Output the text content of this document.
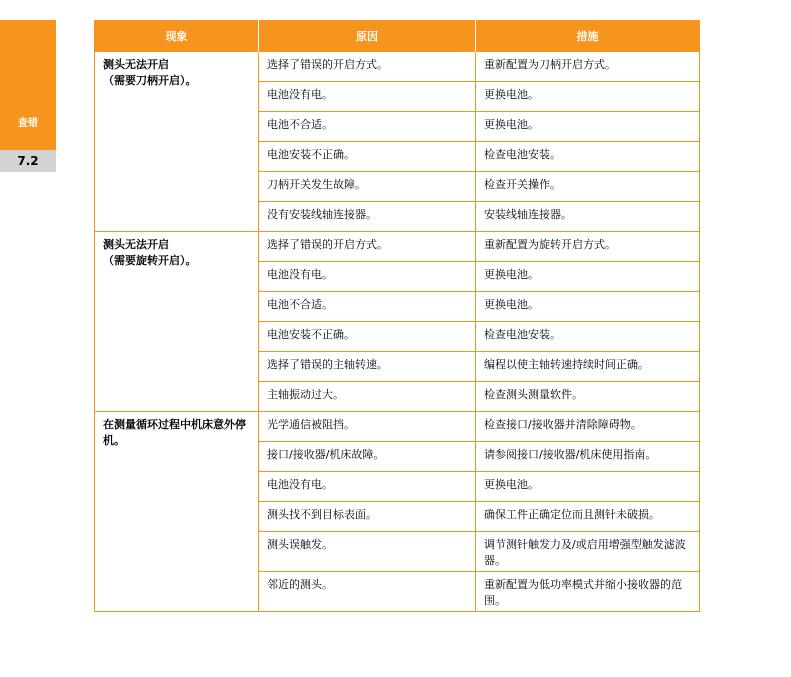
查错
7.2
现象	原因	措施
测头无法开启
（需要刀柄开启）。	选择了错误的开启方式。	重新配置为刀柄开启方式。
	电池没有电。	更换电池。
	电池不合适。	更换电池。
	电池安装不正确。	检查电池安装。
	刀柄开关发生故障。	检查开关操作。
	没有安装线轴连接器。	安装线轴连接器。
测头无法开启
（需要旋转开启）。	选择了错误的开启方式。	重新配置为旋转开启方式。
	电池没有电。	更换电池。
	电池不合适。	更换电池。
	电池安装不正确。	检查电池安装。
	选择了错误的主轴转速。	编程以使主轴转速持续时间正确。
	主轴振动过大。	检查测头测量软件。
在测量循环过程中机床意外停机。	光学通信被阻挡。	检查接口/接收器并清除障碍物。
	接口/接收器/机床故障。	请参阅接口/接收器/机床使用指南。
	电池没有电。	更换电池。
	测头找不到目标表面。	确保工件正确定位而且测针未破损。
	测头误触发。	调节测针触发力及/或启用增强型触发滤波器。
	邻近的测头。	重新配置为低功率模式并缩小接收器的范围。
